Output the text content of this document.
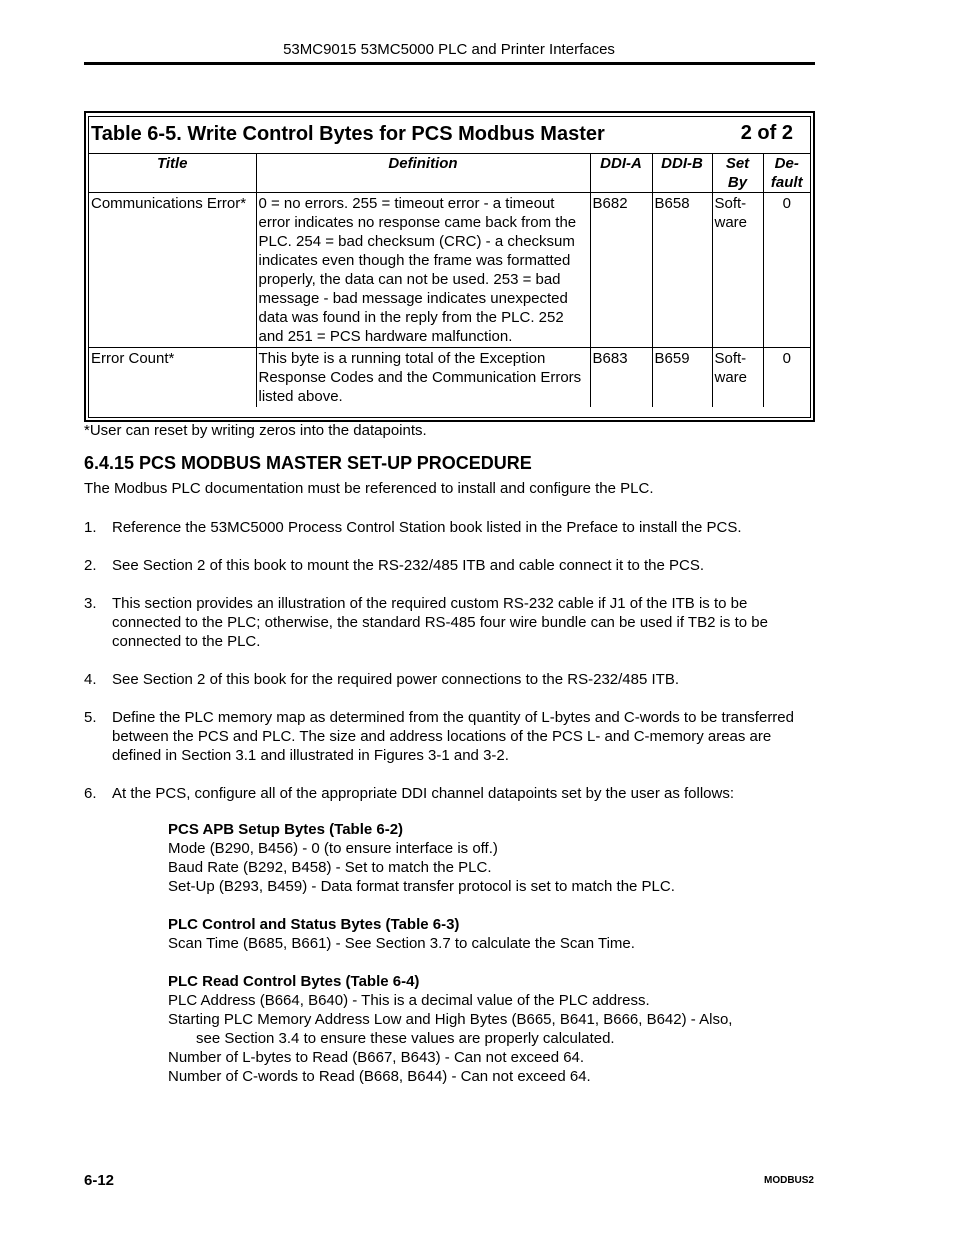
53MC9015 53MC5000 PLC and Printer Interfaces
Table 6-5. Write Control Bytes for PCS Modbus Master	2 of 2
Title	Definition	DDI-A	DDI-B	Set By	De- fault
Communications Error*	0 = no errors. 255 = timeout error - a timeout error indicates no response came back from the PLC. 254 = bad checksum (CRC) - a checksum indicates even though the frame was formatted properly, the data can not be used. 253 = bad message - bad message indicates unexpected data was found in the reply from the PLC. 252 and 251 = PCS hardware malfunction.	B682	B658	Soft- ware	0
Error Count*	This byte is a running total of the Exception Response Codes and the Communication Errors listed above.	B683	B659	Soft- ware	0
*User can reset by writing zeros into the datapoints.
6.4.15 PCS MODBUS MASTER SET-UP PROCEDURE
The Modbus PLC documentation must be referenced to install and configure the PLC.
1. Reference the 53MC5000 Process Control Station book listed in the Preface to install the PCS.
2. See Section 2 of this book to mount the RS-232/485 ITB and cable connect it to the PCS.
3. This section provides an illustration of the required custom RS-232 cable if J1 of the ITB is to be connected to the PLC; otherwise, the standard RS-485 four wire bundle can be used if TB2 is to be connected to the PLC.
4. See Section 2 of this book for the required power connections to the RS-232/485 ITB.
5. Define the PLC memory map as determined from the quantity of L-bytes and C-words to be transferred between the PCS and PLC. The size and address locations of the PCS L- and C-memory areas are defined in Section 3.1 and illustrated in Figures 3-1 and 3-2.
6. At the PCS, configure all of the appropriate DDI channel datapoints set by the user as follows:
PCS APB Setup Bytes (Table 6-2)
Mode (B290, B456) - 0 (to ensure interface is off.)
Baud Rate (B292, B458) - Set to match the PLC.
Set-Up (B293, B459) - Data format transfer protocol is set to match the PLC.
PLC Control and Status Bytes (Table 6-3)
Scan Time (B685, B661) - See Section 3.7 to calculate the Scan Time.
PLC Read Control Bytes (Table 6-4)
PLC Address (B664, B640) - This is a decimal value of the PLC address.
Starting PLC Memory Address Low and High Bytes (B665, B641, B666, B642) - Also,
see Section 3.4 to ensure these values are properly calculated.
Number of L-bytes to Read (B667, B643) - Can not exceed 64.
Number of C-words to Read (B668, B644) - Can not exceed 64.
6-12	MODBUS2
